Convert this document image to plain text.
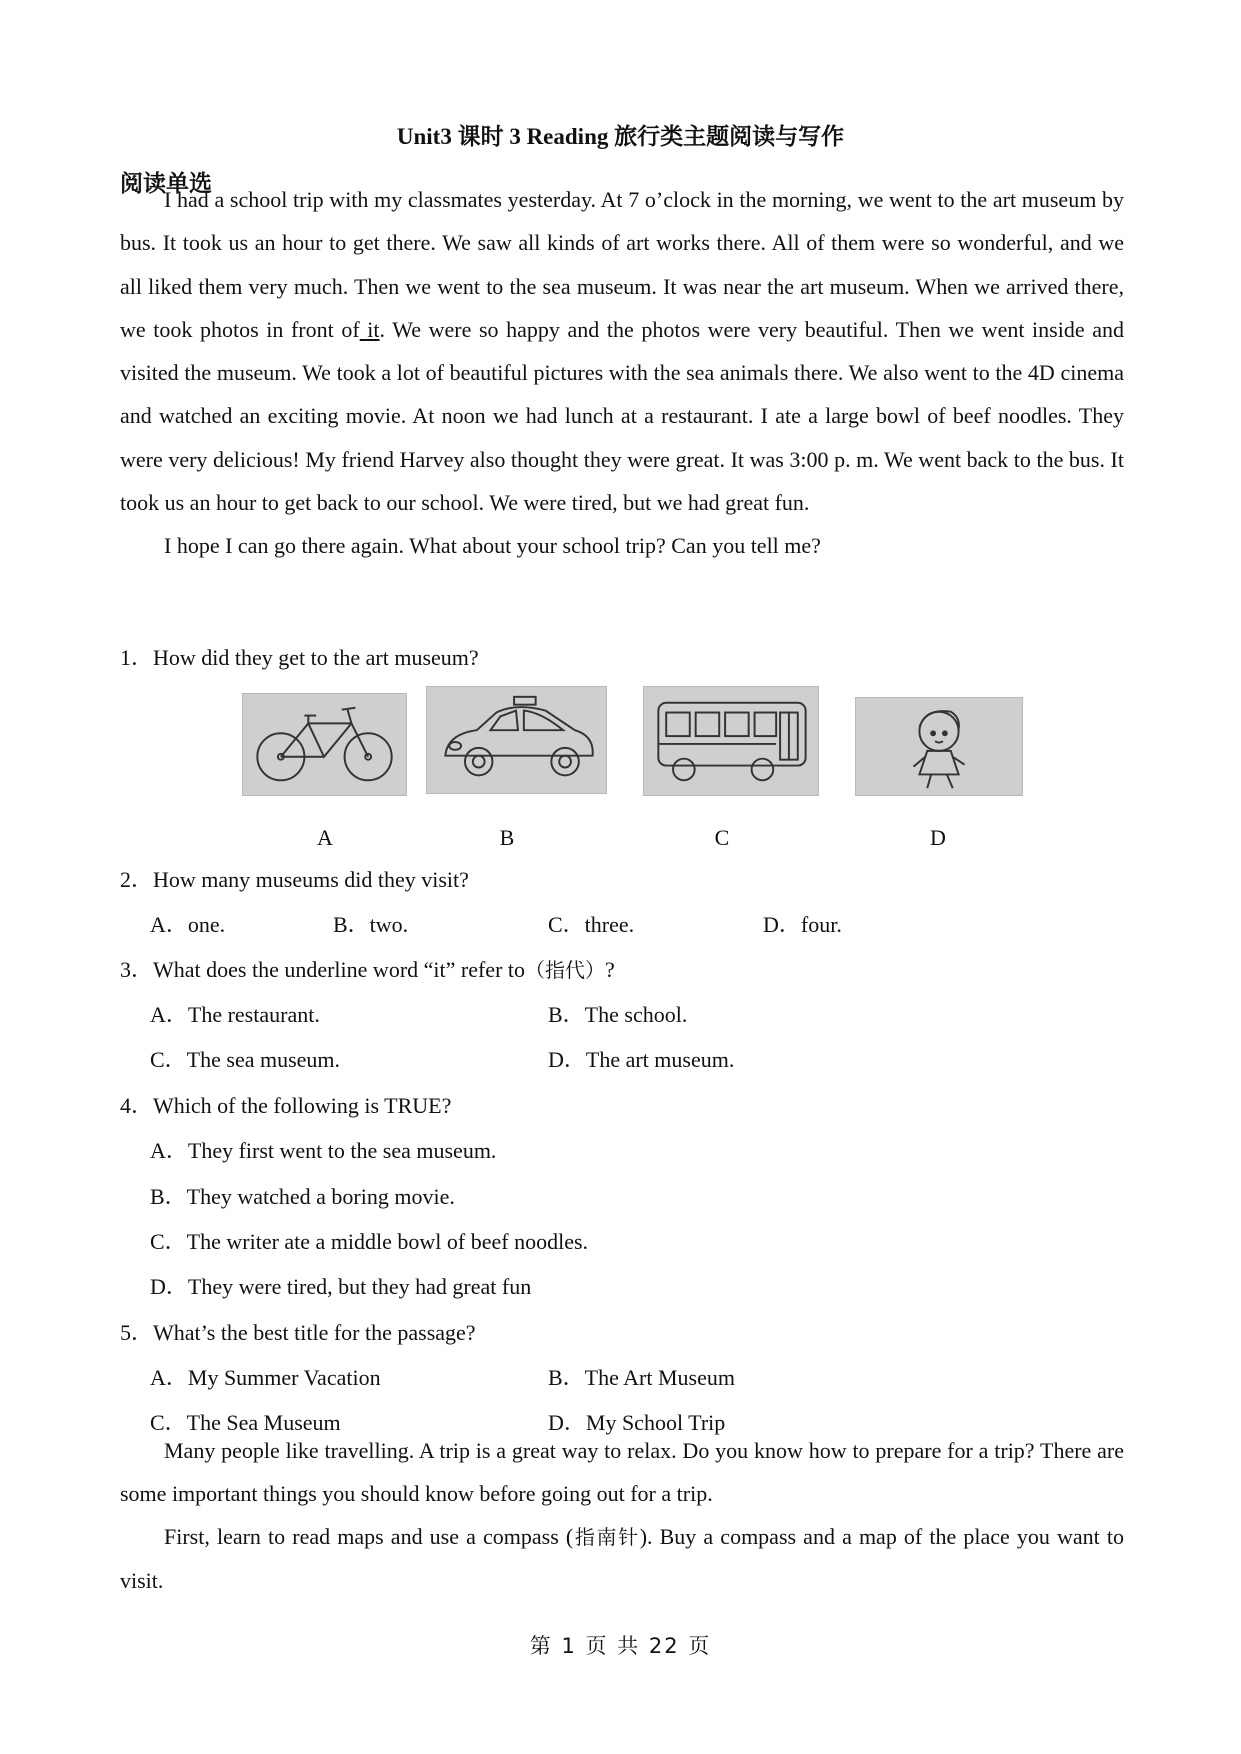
Unit3 课时 3 Reading 旅行类主题阅读与写作
阅读单选

I had a school trip with my classmates yesterday. At 7 o’clock in the morning, we went to the art museum by bus. It took us an hour to get there. We saw all kinds of art works there. All of them were so wonderful, and we all liked them very much. Then we went to the sea museum. It was near the art museum. When we arrived there, we took photos in front of it. We were so happy and the photos were very beautiful. Then we went inside and visited the museum. We took a lot of beautiful pictures with the sea animals there. We also went to the 4D cinema and watched an exciting movie. At noon we had lunch at a restaurant. I ate a large bowl of beef noodles. They were very delicious! My friend Harvey also thought they were great. It was 3:00 p. m. We went back to the bus. It took us an hour to get back to our school. We were tired, but we had great fun.

I hope I can go there again. What about your school trip? Can you tell me?

1．How did they get to the art museum?
A	B	C	D
2．How many museums did they visit?
A．one.	B．two.	C．three.	D．four.
3．What does the underline word “it” refer to（指代）?
A．The restaurant.	B．The school.
C．The sea museum.	D．The art museum.
4．Which of the following is TRUE?
A．They first went to the sea museum.
B．They watched a boring movie.
C．The writer ate a middle bowl of beef noodles.
D．They were tired, but they had great fun
5．What’s the best title for the passage?
A．My Summer Vacation	B．The Art Museum
C．The Sea Museum	D．My School Trip

Many people like travelling. A trip is a great way to relax. Do you know how to prepare for a trip? There are some important things you should know before going out for a trip.

First, learn to read maps and use a compass (指南针). Buy a compass and a map of the place you want to visit.

第 1 页 共 22 页
